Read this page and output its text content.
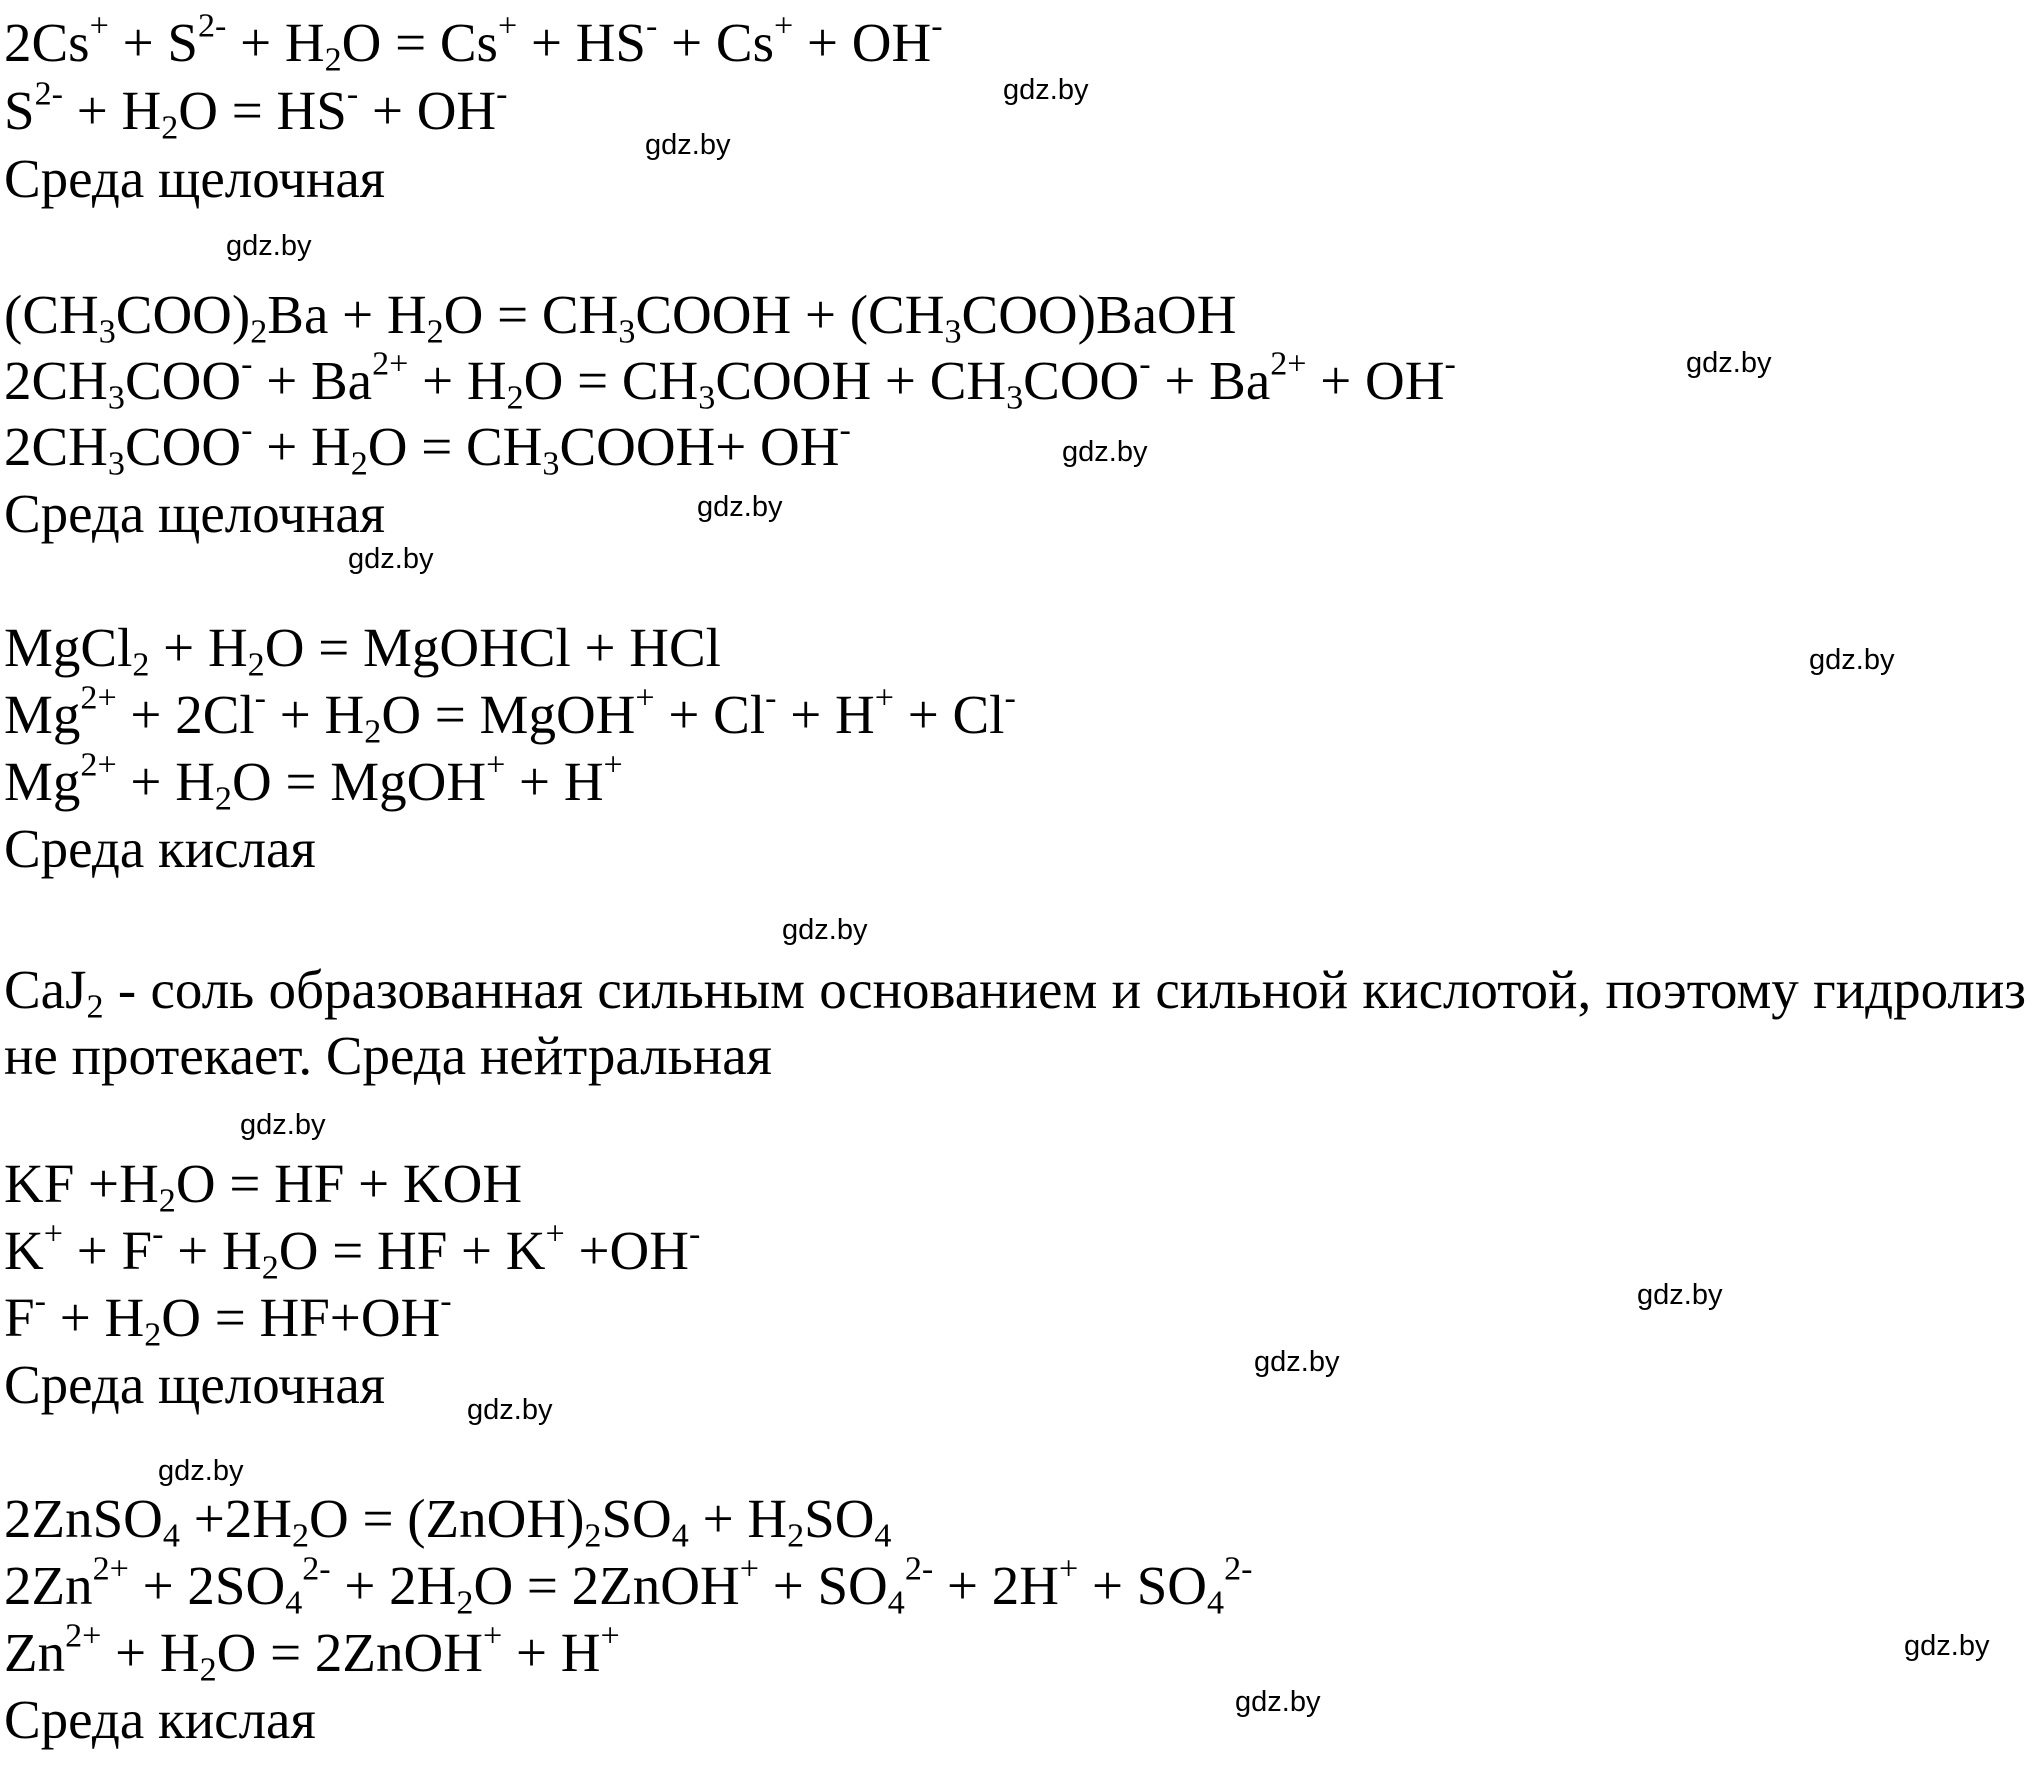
$2Cs^+ + S^{2-} + H_2O = Cs^+ + HS^- + Cs^+ + OH^-$
$S^{2-} + H_2O = HS^- + OH^-$
Среда щелочная
$(CH_3COO)_2Ba + H_2O$ = $CH_3COOH$ + $(CH_3COO)BaOH$
$2CH_3COO^- + Ba^{2+} + H_2O$ = $CH_3COOH + CH_3COO^- + Ba^{2+} + OH^-$
$2CH_3COO^- + H_2O$ = $CH_3COOH+ OH^-$
Среда щелочная
MgCl$_2$ + $H_2O$ = MgOHCl + HCl
$Mg^{2+} + 2Cl^- + H_2O$ = MgOH+ + Cl- + H+ + Cl-
$Mg^{2+} + H_2O$ = MgOH+ + H+
Среда кислая
CaJ$_2$ - соль образованная сильным основанием и сильной кислотой, поэтому гидролиз не протекает. Среда нейтральная
KF $+H_2O$ = HF + KOH
$K^+ + F^- + H_2O$ = HF + K+ +OH-
$F^- + H_2O = HF+OH^-$
Среда щелочная
2ZnSO$_4$ $+2H_2O$ = $(ZnOH)_2SO_4 + H_2SO_4$
$2Zn^{2+} + 2SO_4^{2-} + 2H_2O$ = 2ZnOH+ + $SO_4^{2-} + 2H^+ + SO_4^{2-}$
$Zn^{2+} + H_2O$ = 2ZnOH+ + H+
Среда кислая
gdz.by
gdz.by
gdz.by
gdz.by
gdz.by
gdz.by
gdz.by
gdz.by
gdz.by
gdz.by
gdz.by
gdz.by
gdz.by
gdz.by
gdz.by
gdz.by
